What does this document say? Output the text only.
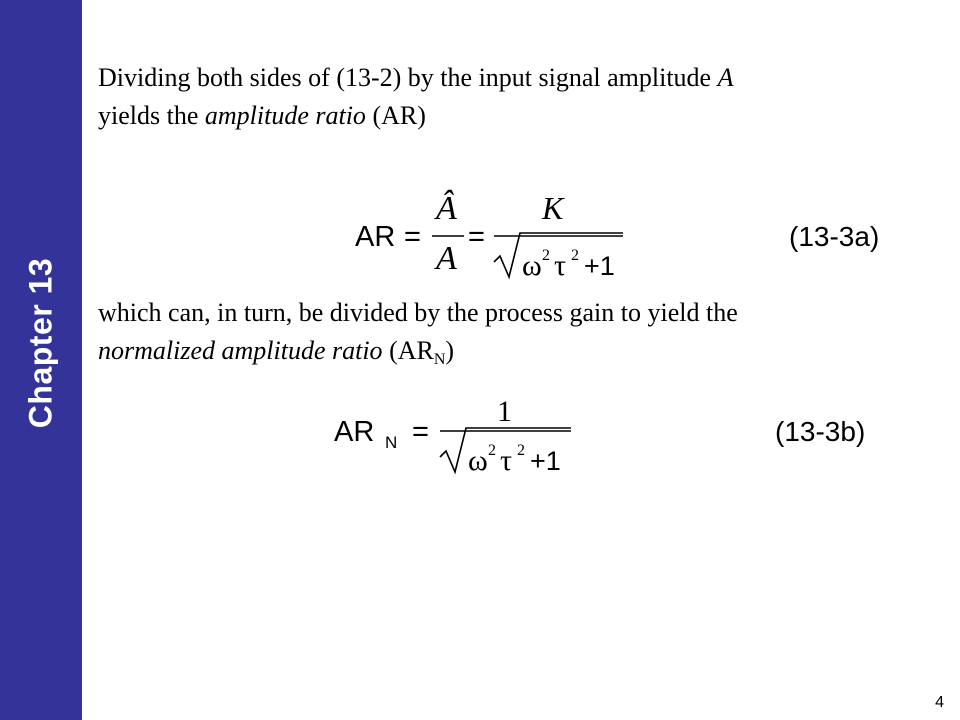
Chapter 13

Dividing both sides of (13-2) by the input signal amplitude A
yields the amplitude ratio (AR)

AR =
Â
A
=
K
ω 2 τ 2 +1
(13-3a)

which can, in turn, be divided by the process gain to yield the
normalized amplitude ratio $(AR_N)$

AR N =
1
ω 2 τ 2 +1
(13-3b)
4
